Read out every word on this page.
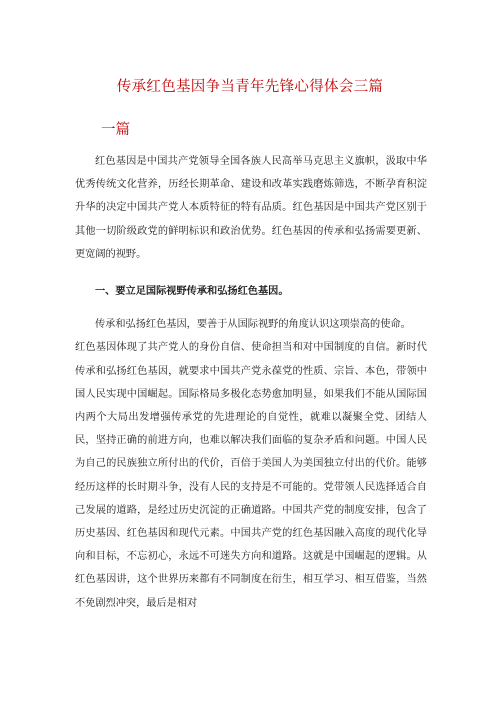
传承红色基因争当青年先锋心得体会三篇
一篇

红色基因是中国共产党领导全国各族人民高举马克思主义旗帜，汲取中华优秀传统文化营养，历经长期革命、建设和改革实践磨炼筛选，不断孕育积淀升华的决定中国共产党人本质特征的特有品质。红色基因是中国共产党区别于其他一切阶级政党的鲜明标识和政治优势。红色基因的传承和弘扬需要更新、更宽阔的视野。

一、要立足国际视野传承和弘扬红色基因。

传承和弘扬红色基因，要善于从国际视野的角度认识这项崇高的使命。

红色基因体现了共产党人的身份自信、使命担当和对中国制度的自信。新时代传承和弘扬红色基因，就要求中国共产党永葆党的性质、宗旨、本色，带领中国人民实现中国崛起。国际格局多极化态势愈加明显，如果我们不能从国际国内两个大局出发增强传承党的先进理论的自觉性，就难以凝聚全党、团结人民，坚持正确的前进方向，也难以解决我们面临的复杂矛盾和问题。中国人民为自己的民族独立所付出的代价，百倍于美国人为美国独立付出的代价。能够经历这样的长时期斗争，没有人民的支持是不可能的。党带领人民选择适合自己发展的道路，是经过历史沉淀的正确道路。中国共产党的制度安排，包含了历史基因、红色基因和现代元素。中国共产党的红色基因融入高度的现代化导向和目标，不忘初心，永远不可迷失方向和道路。这就是中国崛起的逻辑。从红色基因讲，这个世界历来都有不同制度在衍生，相互学习、相互借鉴，当然不免剧烈冲突，最后是相对
